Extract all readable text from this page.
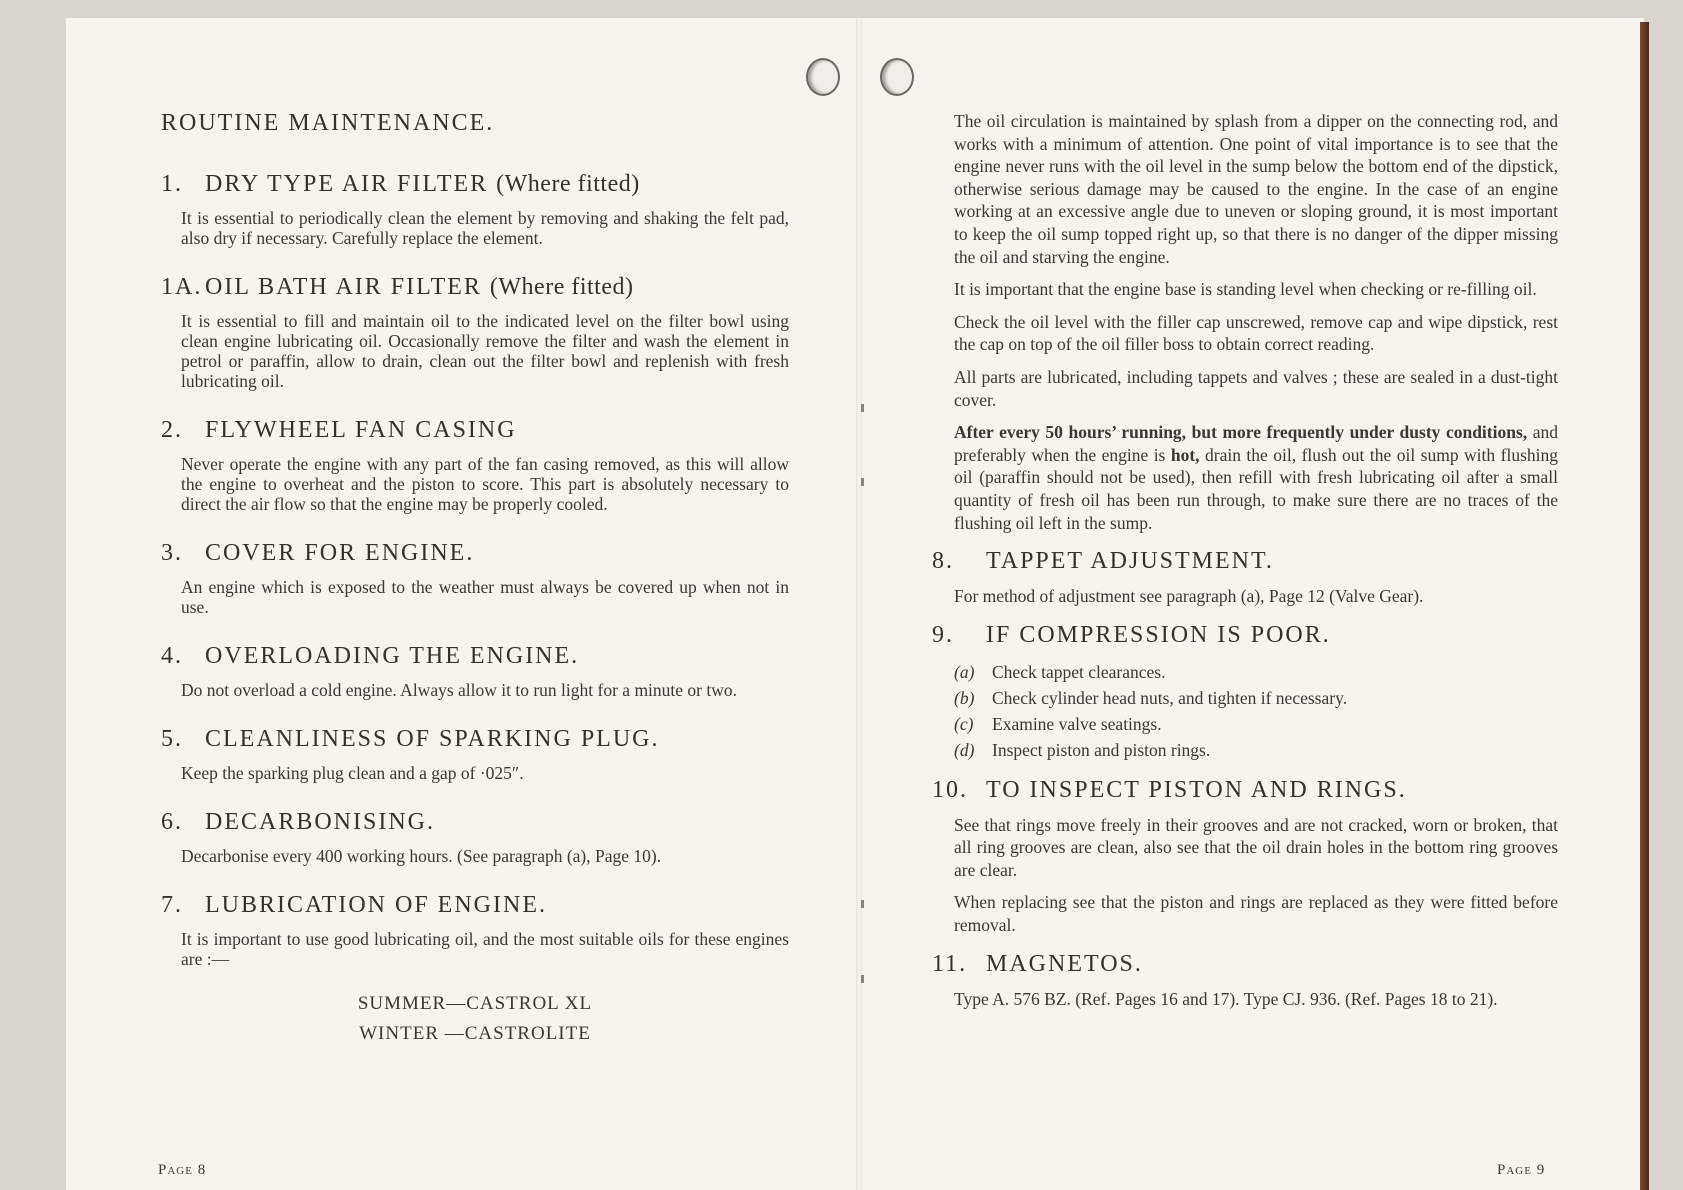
ROUTINE MAINTENANCE.
1. DRY TYPE AIR FILTER (Where fitted)

It is essential to periodically clean the element by removing and shaking the felt pad, also dry if necessary. Carefully replace the element.

1A. OIL BATH AIR FILTER (Where fitted)

It is essential to fill and maintain oil to the indicated level on the filter bowl using clean engine lubricating oil. Occasionally remove the filter and wash the element in petrol or paraffin, allow to drain, clean out the filter bowl and replenish with fresh lubricating oil.

2. FLYWHEEL FAN CASING

Never operate the engine with any part of the fan casing removed, as this will allow the engine to overheat and the piston to score. This part is absolutely necessary to direct the air flow so that the engine may be properly cooled.

3. COVER FOR ENGINE.

An engine which is exposed to the weather must always be covered up when not in use.

4. OVERLOADING THE ENGINE.

Do not overload a cold engine. Always allow it to run light for a minute or two.

5. CLEANLINESS OF SPARKING PLUG.

Keep the sparking plug clean and a gap of ·025″.

6. DECARBONISING.

Decarbonise every 400 working hours. (See paragraph (a), Page 10).

7. LUBRICATION OF ENGINE.

It is important to use good lubricating oil, and the most suitable oils for these engines are :—

SUMMER—CASTROL XL
WINTER —CASTROLITE
Page 8

The oil circulation is maintained by splash from a dipper on the connecting rod, and works with a minimum of attention. One point of vital importance is to see that the engine never runs with the oil level in the sump below the bottom end of the dipstick, otherwise serious damage may be caused to the engine. In the case of an engine working at an excessive angle due to uneven or sloping ground, it is most important to keep the oil sump topped right up, so that there is no danger of the dipper missing the oil and starving the engine.

It is important that the engine base is standing level when checking or re-filling oil.

Check the oil level with the filler cap unscrewed, remove cap and wipe dipstick, rest the cap on top of the oil filler boss to obtain correct reading.

All parts are lubricated, including tappets and valves ; these are sealed in a dust-tight cover.

After every 50 hours’ running, but more frequently under dusty conditions, and preferably when the engine is hot, drain the oil, flush out the oil sump with flushing oil (paraffin should not be used), then refill with fresh lubricating oil after a small quantity of fresh oil has been run through, to make sure there are no traces of the flushing oil left in the sump.

8. TAPPET ADJUSTMENT.

For method of adjustment see paragraph (a), Page 12 (Valve Gear).

9. IF COMPRESSION IS POOR.
(a) Check tappet clearances.
(b) Check cylinder head nuts, and tighten if necessary.
(c) Examine valve seatings.
(d) Inspect piston and piston rings.
10. TO INSPECT PISTON AND RINGS.

See that rings move freely in their grooves and are not cracked, worn or broken, that all ring grooves are clean, also see that the oil drain holes in the bottom ring grooves are clear.

When replacing see that the piston and rings are replaced as they were fitted before removal.

11. MAGNETOS.

Type A. 576 BZ. (Ref. Pages 16 and 17). Type CJ. 936. (Ref. Pages 18 to 21).

Page 9
